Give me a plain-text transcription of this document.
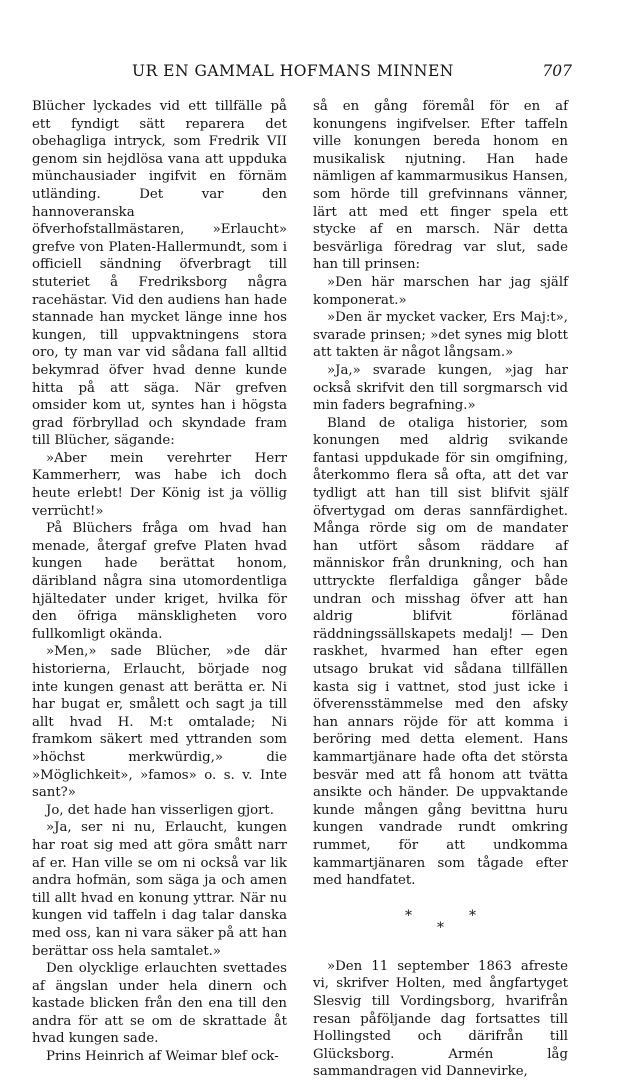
UR EN GAMMAL HOFMANS MINNEN	707

Blücher lyckades vid ett tillfälle på ett fyndigt sätt reparera det obehagliga intryck, som Fredrik VII genom sin hejdlösa vana att uppduka münchausiader ingifvit en förnäm utländing. Det var den hannoveranska öfverhofstallmästaren, »Erlaucht» grefve von Platen-Hallermundt, som i officiell sändning öfverbragt till stuteriet å Fredriksborg några racehästar. Vid den audiens han hade stannade han mycket länge inne hos kungen, till uppvaktningens stora oro, ty man var vid sådana fall alltid bekymrad öfver hvad denne kunde hitta på att säga. När grefven omsider kom ut, syntes han i högsta grad förbryllad och skyndade fram till Blücher, sägande:

»Aber mein verehrter Herr Kammerherr, was habe ich doch heute erlebt! Der König ist ja völlig verrücht!»

På Blüchers fråga om hvad han menade, återgaf grefve Platen hvad kungen hade berättat honom, däribland några sina utomordentliga hjältedater under kriget, hvilka för den öfriga mänskligheten voro fullkomligt okända.

»Men,» sade Blücher, »de där historierna, Erlaucht, började nog inte kungen genast att berätta er. Ni har bugat er, smålett och sagt ja till allt hvad H. M:t omtalade; Ni framkom säkert med yttranden som »höchst merkwürdig,» die »Möglichkeit», »famos» o. s. v. Inte sant?»

Jo, det hade han visserligen gjort.

»Ja, ser ni nu, Erlaucht, kungen har roat sig med att göra smått narr af er. Han ville se om ni också var lik andra hofmän, som säga ja och amen till allt hvad en konung yttrar. När nu kungen vid taffeln i dag talar danska med oss, kan ni vara säker på att han berättar oss hela samtalet.»

Den olycklige erlauchten svettades af ängslan under hela dinern och kastade blicken från den ena till den andra för att se om de skrattade åt hvad kungen sade.

Prins Heinrich af Weimar blef ock-

så en gång föremål för en af konungens ingifvelser. Efter taffeln ville konungen bereda honom en musikalisk njutning. Han hade nämligen af kammarmusikus Hansen, som hörde till grefvinnans vänner, lärt att med ett finger spela ett stycke af en marsch. När detta besvärliga föredrag var slut, sade han till prinsen:

»Den här marschen har jag själf komponerat.»

»Den är mycket vacker, Ers Maj:t», svarade prinsen; »det synes mig blott att takten är något långsam.»

»Ja,» svarade kungen, »jag har också skrifvit den till sorgmarsch vid min faders begrafning.»

Bland de otaliga historier, som konungen med aldrig svikande fantasi uppdukade för sin omgifning, återkommo flera så ofta, att det var tydligt att han till sist blifvit själf öfvertygad om deras sannfärdighet. Många rörde sig om de mandater han utfört såsom räddare af människor från drunkning, och han uttryckte flerfaldiga gånger både undran och misshag öfver att han aldrig blifvit förlänad räddningssällskapets medalj! — Den raskhet, hvarmed han efter egen utsago brukat vid sådana tillfällen kasta sig i vattnet, stod just icke i öfverensstämmelse med den afsky han annars röjde för att komma i beröring med detta element. Hans kammartjänare hade ofta det största besvär med att få honom att tvätta ansikte och händer. De uppvaktande kunde mången gång bevittna huru kungen vandrade rundt omkring rummet, för att undkomma kammartjänaren som tågade efter med handfatet.

*
*
*

»Den 11 september 1863 afreste vi, skrifver Holten, med ångfartyget Slesvig till Vordingsborg, hvarifrån resan påföljande dag fortsattes till Hollingsted och därifrån till Glücksborg. Armén låg sammandragen vid Dannevirke,
